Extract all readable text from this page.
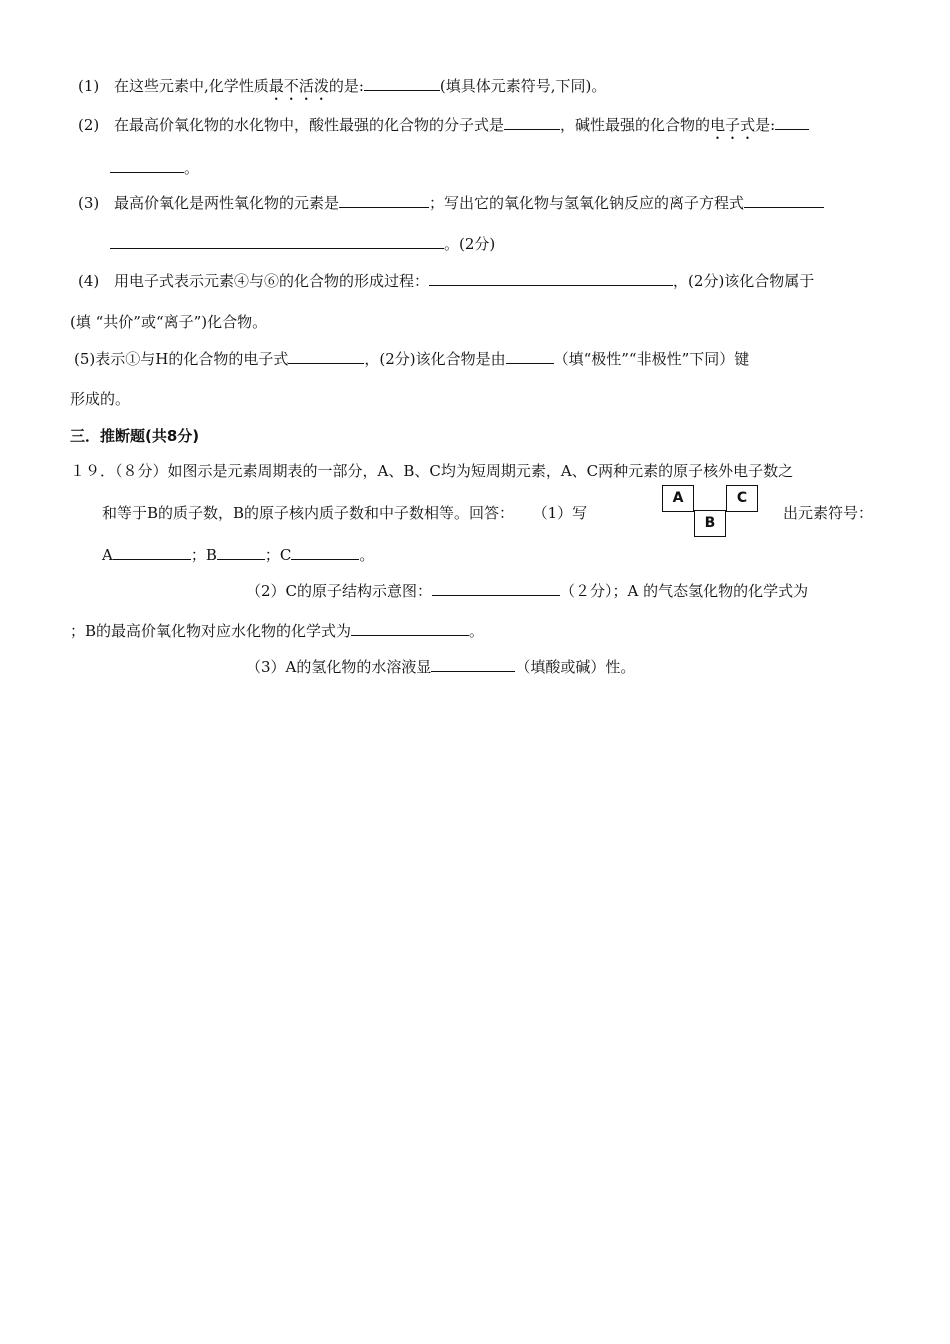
(1) 在这些元素中,化学性质最不活泼的是:	(填具体元素符号,下同)。
(2) 在最高价氧化物的水化物中，酸性最强的化合物的分子式是	，碱性最强的化合物的电子式是:
。
(3) 最高价氧化是两性氧化物的元素是	；写出它的氧化物与氢氧化钠反应的离子方程式
。(2分)
(4) 用电子式表示元素④与⑥的化合物的形成过程：	，(2分)该化合物属于
(填 “共价”或“离子”)化合物。
(5)表示①与H的化合物的电子式	，(2分)该化合物是由	（填“极性”“非极性”下同）键
形成的。
三．推断题(共8分)
１９．（８分）如图示是元素周期表的一部分，A、B、C均为短周期元素，A、C两种元素的原子核外电子数之
和等于B的质子数，B的原子核内质子数和中子数相等。回答： （1）写	出元素符号：
A	C
B
A	；B	；C	。
（2）C的原子结构示意图：	（２分）；A 的气态氢化物的化学式为
；B的最高价氧化物对应水化物的化学式为	。
（3）A的氢化物的水溶液显	（填酸或碱）性。
